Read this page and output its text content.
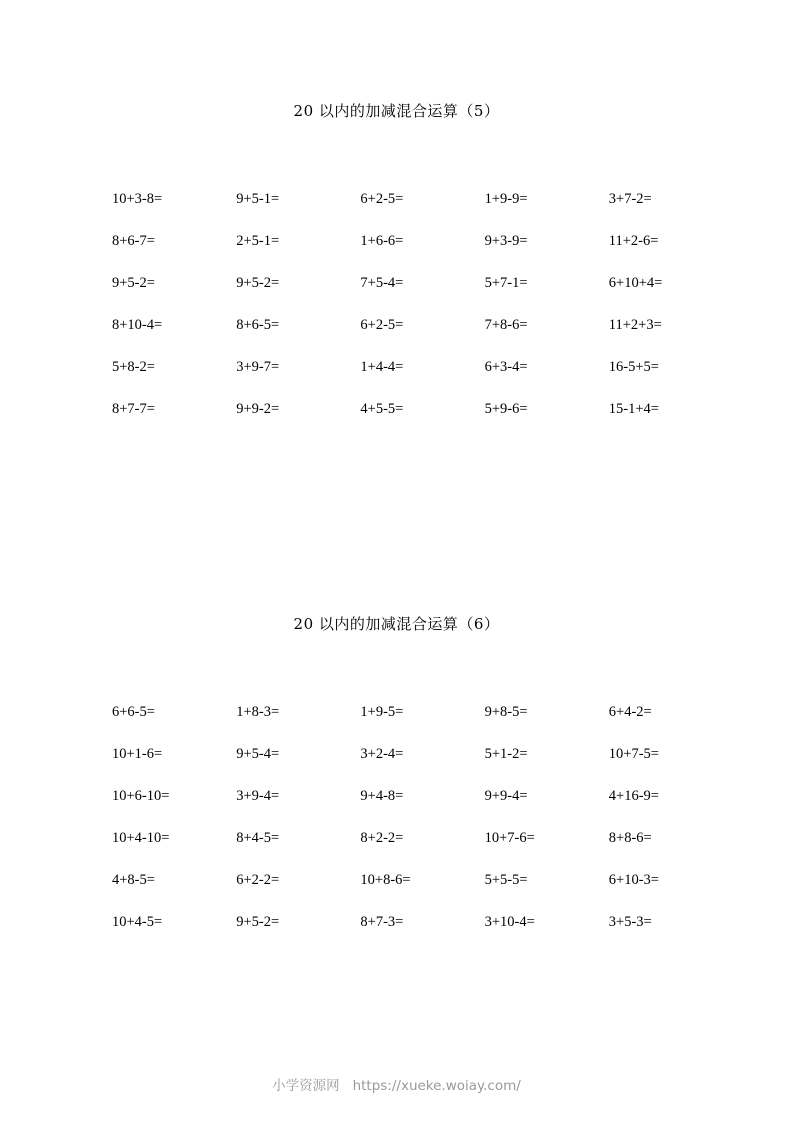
20 以内的加减混合运算（5）
10+3-8=	9+5-1=	6+2-5=	1+9-9=	3+7-2=
8+6-7=	2+5-1=	1+6-6=	9+3-9=	11+2-6=
9+5-2=	9+5-2=	7+5-4=	5+7-1=	6+10+4=
8+10-4=	8+6-5=	6+2-5=	7+8-6=	11+2+3=
5+8-2=	3+9-7=	1+4-4=	6+3-4=	16-5+5=
8+7-7=	9+9-2=	4+5-5=	5+9-6=	15-1+4=
20 以内的加减混合运算（6）
6+6-5=	1+8-3=	1+9-5=	9+8-5=	6+4-2=
10+1-6=	9+5-4=	3+2-4=	5+1-2=	10+7-5=
10+6-10=	3+9-4=	9+4-8=	9+9-4=	4+16-9=
10+4-10=	8+4-5=	8+2-2=	10+7-6=	8+8-6=
4+8-5=	6+2-2=	10+8-6=	5+5-5=	6+10-3=
10+4-5=	9+5-2=	8+7-3=	3+10-4=	3+5-3=
小学资源网 https://xueke.woiay.com/
